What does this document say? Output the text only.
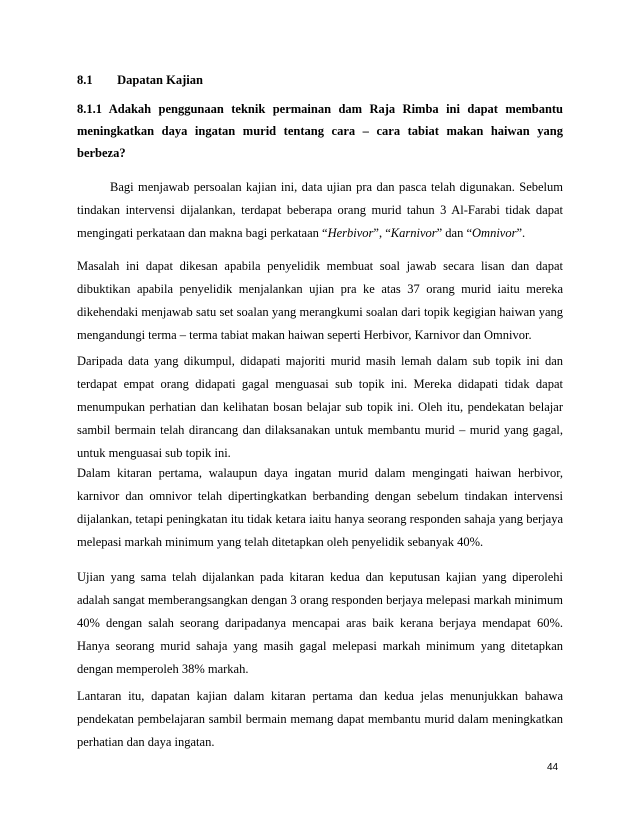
8.1 Dapatan Kajian
8.1.1 Adakah penggunaan teknik permainan dam Raja Rimba ini dapat membantu meningkatkan daya ingatan murid tentang cara – cara tabiat makan haiwan yang berbeza?
Bagi menjawab persoalan kajian ini, data ujian pra dan pasca telah digunakan. Sebelum tindakan intervensi dijalankan, terdapat beberapa orang murid tahun 3 Al-Farabi tidak dapat mengingati perkataan dan makna bagi perkataan “Herbivor”, “Karnivor” dan “Omnivor”.
Masalah ini dapat dikesan apabila penyelidik membuat soal jawab secara lisan dan dapat dibuktikan apabila penyelidik menjalankan ujian pra ke atas 37 orang murid iaitu mereka dikehendaki menjawab satu set soalan yang merangkumi soalan dari topik kegigian haiwan yang mengandungi terma – terma tabiat makan haiwan seperti Herbivor, Karnivor dan Omnivor.
Daripada data yang dikumpul, didapati majoriti murid masih lemah dalam sub topik ini dan terdapat empat orang didapati gagal menguasai sub topik ini. Mereka didapati tidak dapat menumpukan perhatian dan kelihatan bosan belajar sub topik ini. Oleh itu, pendekatan belajar sambil bermain telah dirancang dan dilaksanakan untuk membantu murid – murid yang gagal, untuk menguasai sub topik ini.
Dalam kitaran pertama, walaupun daya ingatan murid dalam mengingati haiwan herbivor, karnivor dan omnivor telah dipertingkatkan berbanding dengan sebelum tindakan intervensi dijalankan, tetapi peningkatan itu tidak ketara iaitu hanya seorang responden sahaja yang berjaya melepasi markah minimum yang telah ditetapkan oleh penyelidik sebanyak 40%.
Ujian yang sama telah dijalankan pada kitaran kedua dan keputusan kajian yang diperolehi adalah sangat memberangsangkan dengan 3 orang responden berjaya melepasi markah minimum 40% dengan salah seorang daripadanya mencapai aras baik kerana berjaya mendapat 60%. Hanya seorang murid sahaja yang masih gagal melepasi markah minimum yang ditetapkan dengan memperoleh 38% markah.
Lantaran itu, dapatan kajian dalam kitaran pertama dan kedua jelas menunjukkan bahawa pendekatan pembelajaran sambil bermain memang dapat membantu murid dalam meningkatkan perhatian dan daya ingatan.
44
